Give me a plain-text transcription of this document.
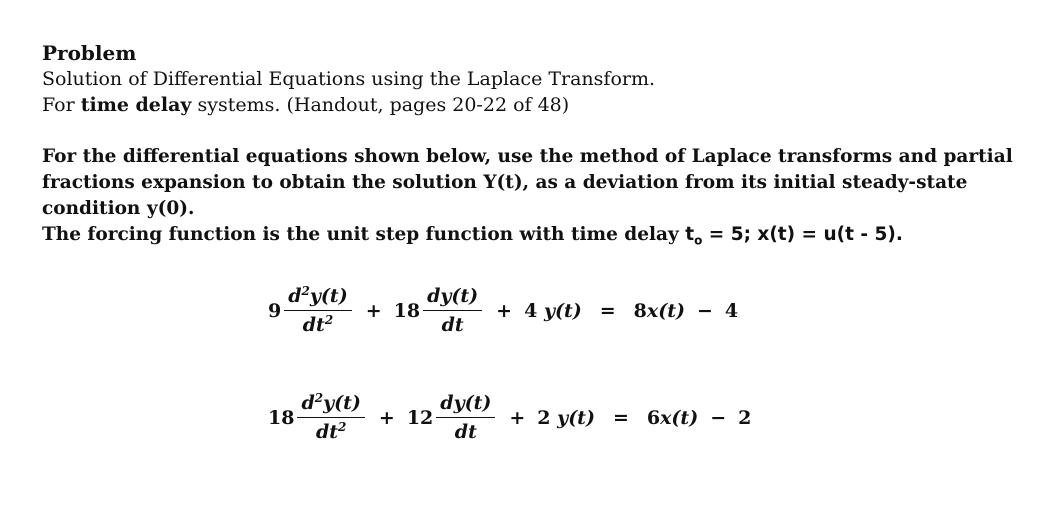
Problem

Solution of Differential Equations using the Laplace Transform.

For time delay systems. (Handout, pages 20-22 of 48)

For the differential equations shown below, use the method of Laplace transforms and partial fractions expansion to obtain the solution Y(t), as a deviation from its initial steady-state condition y(0).

The forcing function is the unit step function with time delay $t_o = 5$; x(t) = u(t - 5).

$9 \frac{d^2y(t)}{dt^2} + 18 \frac{dy(t)}{dt} + 4$
y(t) = 8 x(t) − 4
$18 \frac{d^2y(t)}{dt^2} + 12 \frac{dy(t)}{dt} + 2$
y(t) = 6 x(t) − 2
